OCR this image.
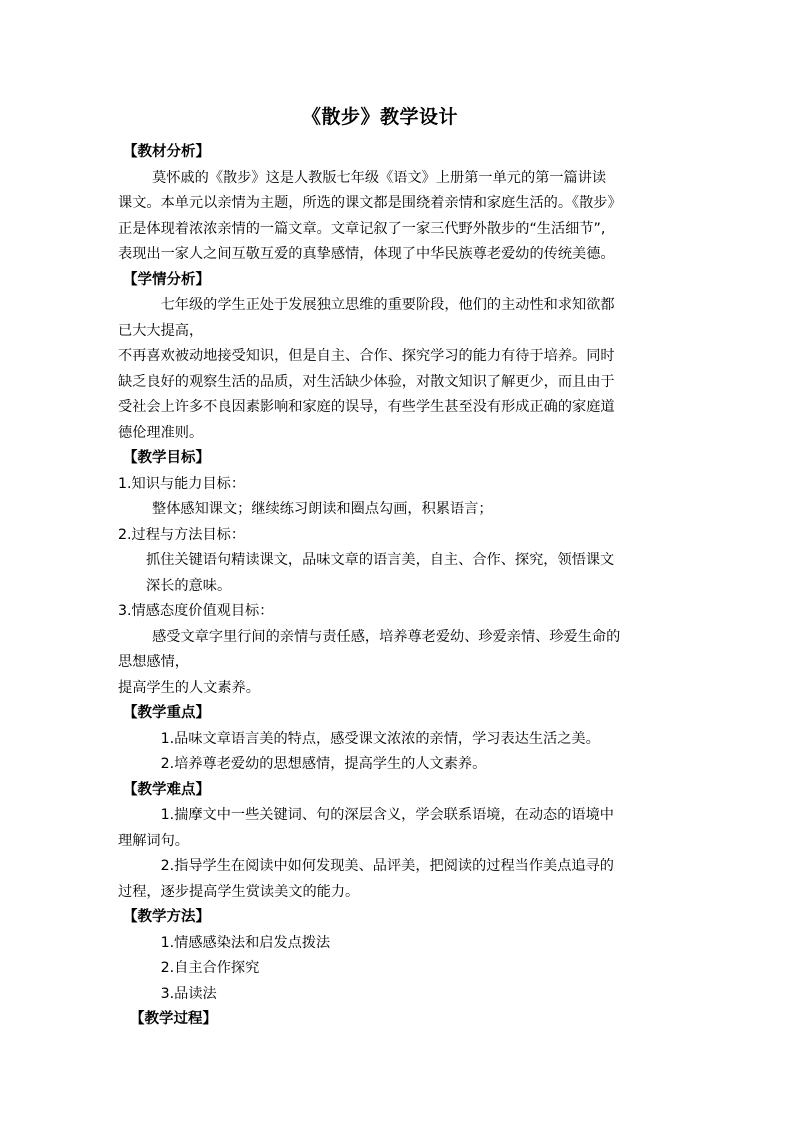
《散步》教学设计
【 教材分析 】
莫怀戚的《散步》这是人教版七年级《语文》上册第一单元的第一篇讲读
课文。本单元以亲情为主题，所选的课文都是围绕着亲情和家庭生活的。《散步》
正是体现着浓浓亲情的一篇文章。文章记叙了一家三代野外散步的“生活细节”,
表现出一家人之间互敬互爱的真挚感情，体现了中华民族尊老爱幼的传统美德。
【 学情分析 】
七年级的学生正处于发展独立思维的重要阶段，他们的主动性和求知欲都
已大大提高，
不再喜欢被动地接受知识，但是自主、合作、探究学习的能力有待于培养。同时
缺乏良好的观察生活的品质，对生活缺少体验，对散文知识了解更少，而且由于
受社会上许多不良因素影响和家庭的误导，有些学生甚至没有形成正确的家庭道
德伦理准则。
【 教学目标 】
1.知识与能力目标：
整体感知课文；继续练习朗读和圈点勾画，积累语言；
2.过程与方法目标：
抓住关键语句精读课文，品味文章的语言美，自主、合作、探究，领悟课文
深长的意味。
3.情感态度价值观目标：
感受文章字里行间的亲情与责任感，培养尊老爱幼、珍爱亲情、珍爱生命的
思想感情，
提高学生的人文素养。
【 教学重点 】
1.品味文章语言美的特点，感受课文浓浓的亲情，学习表达生活之美。
2.培养尊老爱幼的思想感情，提高学生的人文素养。
【 教学难点 】
1.揣摩文中一些关键词、句的深层含义，学会联系语境，在动态的语境中
理解词句。
2.指导学生在阅读中如何发现美、品评美，把阅读的过程当作美点追寻的
过程，逐步提高学生赏读美文的能力。
【 教学方法 】
1.情感感染法和启发点拨法
2.自主合作探究
3.品读法
【 教学过程 】
